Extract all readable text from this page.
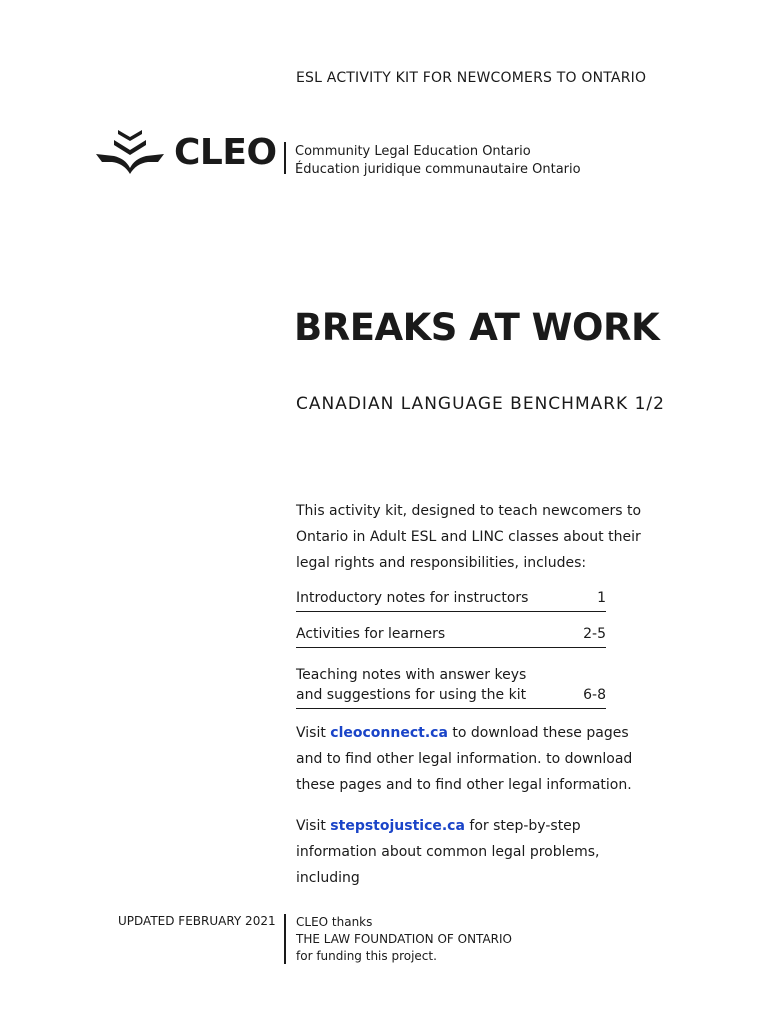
ESL ACTIVITY KIT FOR NEWCOMERS TO ONTARIO
CLEO Community Legal Education Ontario
Éducation juridique communautaire Ontario
BREAKS AT WORK
CANADIAN LANGUAGE BENCHMARK 1/2
This activity kit, designed to teach newcomers to Ontario in Adult ESL and LINC classes about their legal rights and responsibilities, includes:
Introductory notes for instructors	1
Activities for learners	2-5
Teaching notes with answer keys
and suggestions for using the kit	6-8
Visit cleoconnect.ca to download these pages and to find other legal information. to download these pages and to find other legal information.
Visit stepstojustice.ca for step-by-step information about common legal problems, including
UPDATED FEBRUARY 2021 CLEO thanks
THE LAW FOUNDATION OF ONTARIO
for funding this project.
